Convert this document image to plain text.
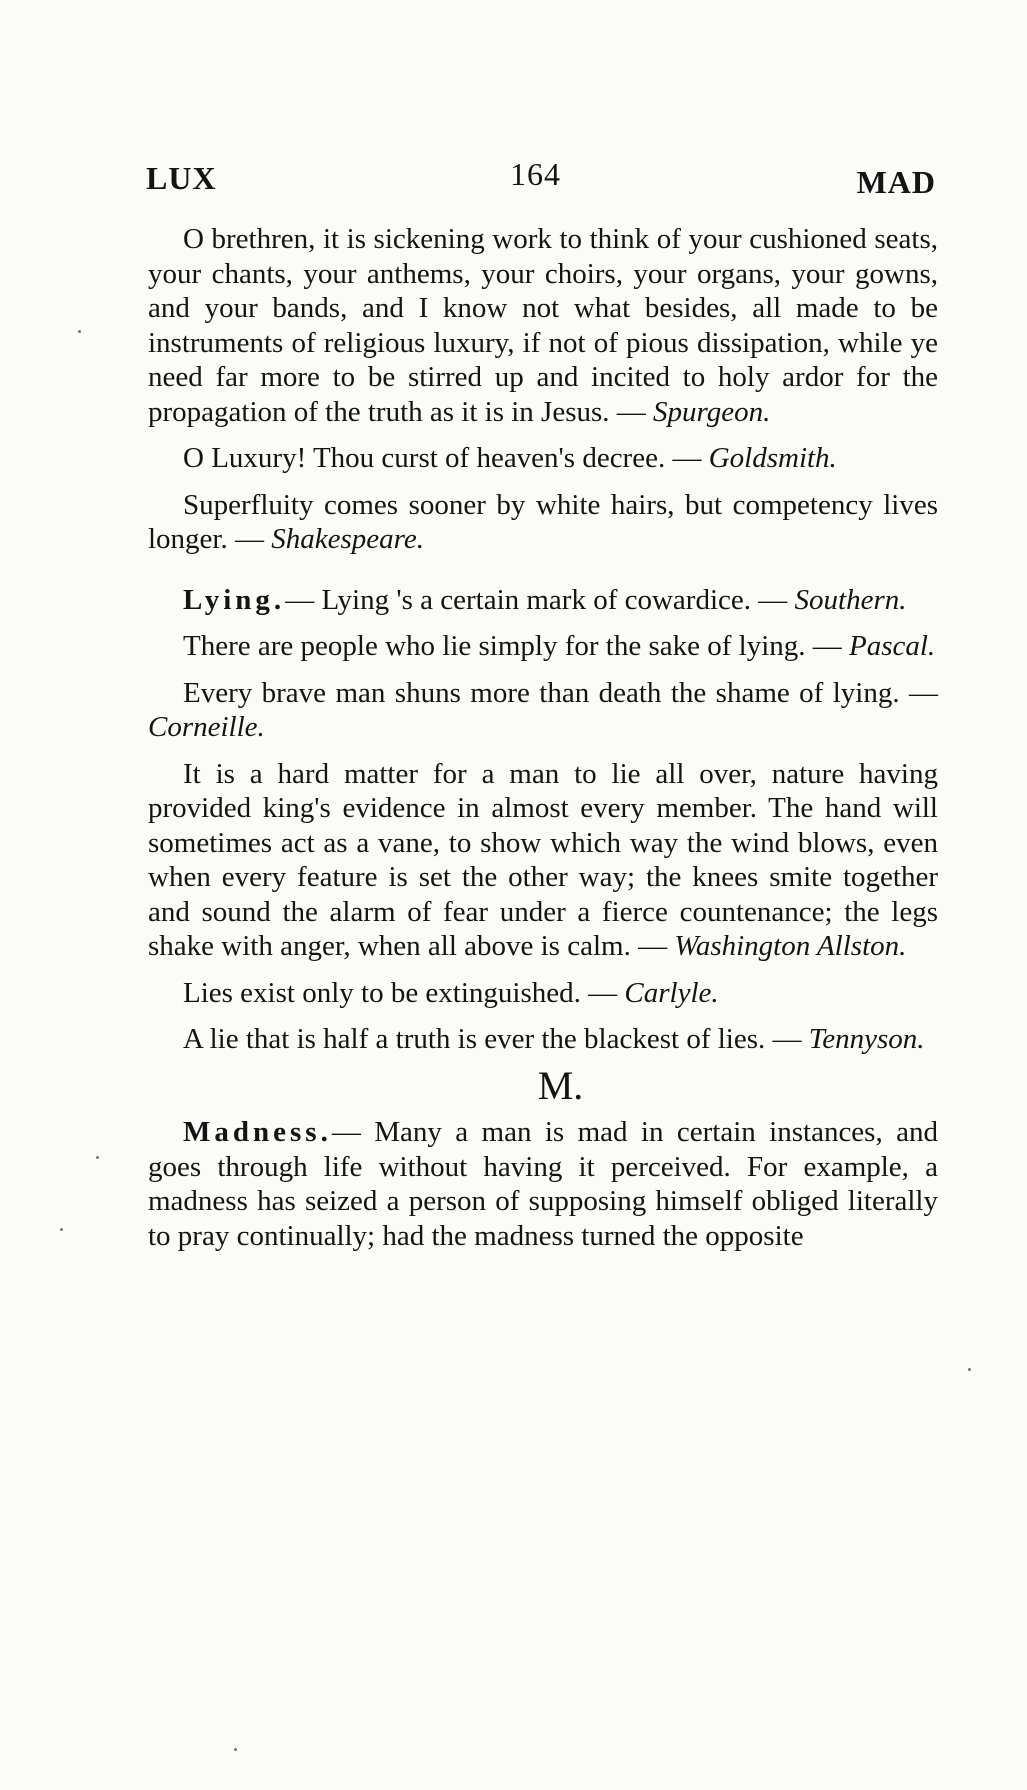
LUX	164	MAD

O brethren, it is sickening work to think of your cushioned seats, your chants, your anthems, your choirs, your organs, your gowns, and your bands, and I know not what besides, all made to be instruments of religious luxury, if not of pious dissipation, while ye need far more to be stirred up and incited to holy ardor for the propagation of the truth as it is in Jesus. — Spurgeon.

O Luxury! Thou curst of heaven's decree. — Goldsmith.

Superfluity comes sooner by white hairs, but competency lives longer. — Shakespeare.

Lying.— Lying 's a certain mark of cowardice. — Southern.

There are people who lie simply for the sake of lying. — Pascal.

Every brave man shuns more than death the shame of lying. — Corneille.

It is a hard matter for a man to lie all over, nature having provided king's evidence in almost every member. The hand will sometimes act as a vane, to show which way the wind blows, even when every feature is set the other way; the knees smite together and sound the alarm of fear under a fierce countenance; the legs shake with anger, when all above is calm. — Washington Allston.

Lies exist only to be extinguished. — Carlyle.

A lie that is half a truth is ever the blackest of lies. — Tennyson.

M.

Madness.— Many a man is mad in certain instances, and goes through life without having it perceived. For example, a madness has seized a person of supposing himself obliged literally to pray continually; had the madness turned the opposite
